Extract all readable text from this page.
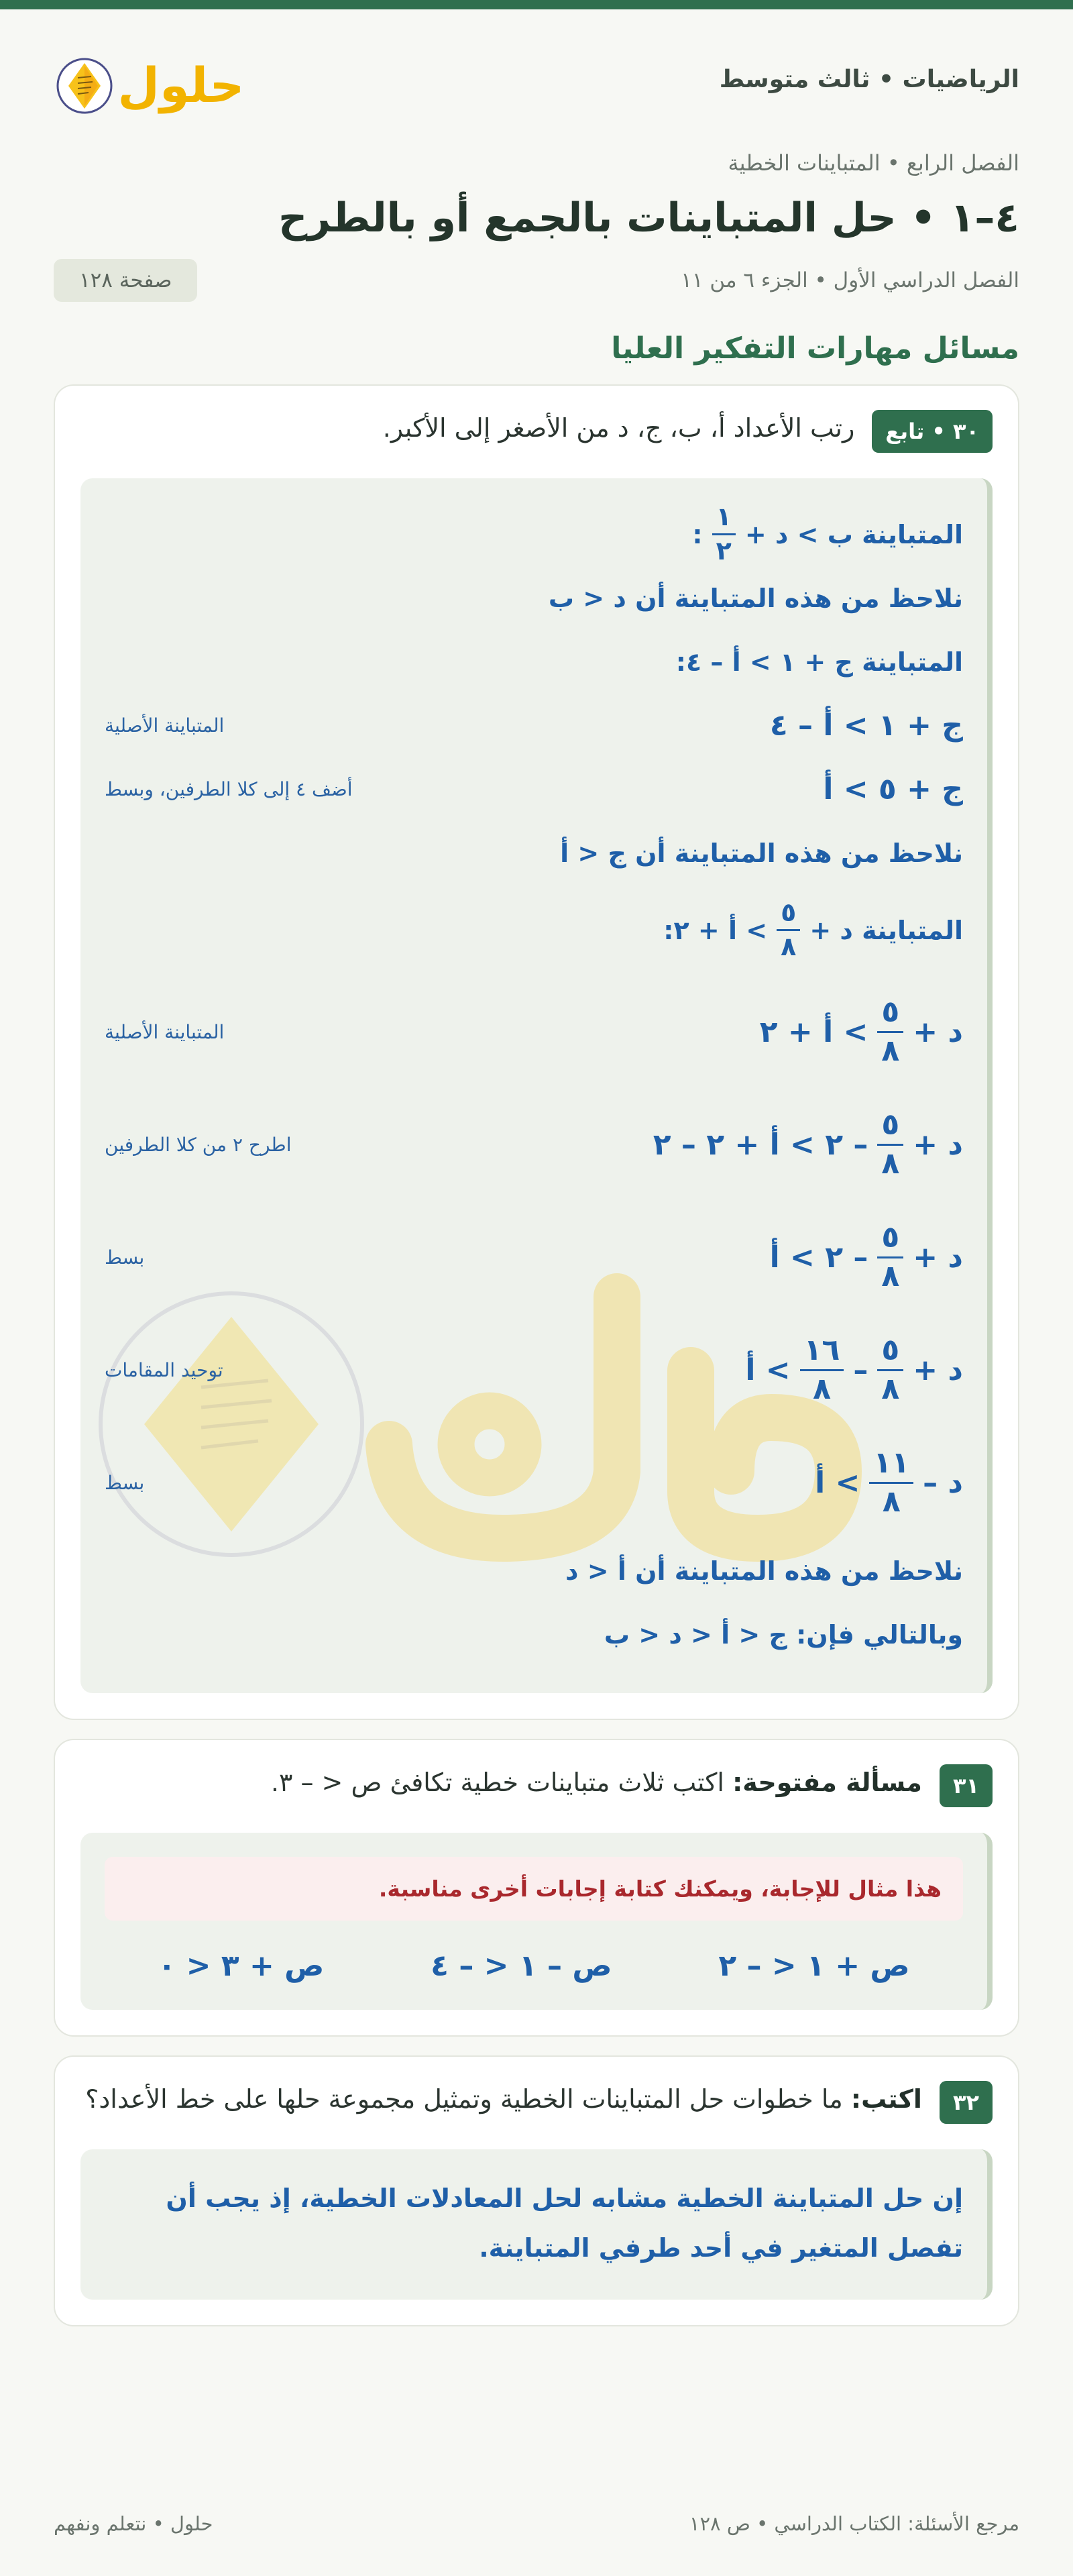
الرياضيات • ثالث متوسط
حلول
الفصل الرابع • المتباينات الخطية
٤–١ • حل المتباينات بالجمع أو بالطرح
الفصل الدراسي الأول • الجزء ٦ من ١١
صفحة ١٢٨
مسائل مهارات التفكير العليا
٣٠ • تابع
رتب الأعداد أ، ب، ج، د من الأصغر إلى الأكبر.
المتباينة ب > د +
$\frac{١}{٢}$
:
نلاحظ من هذه المتباينة أن د < ب
المتباينة ج + ١ > أ – ٤:
ج + ١ > أ – ٤
المتباينة الأصلية
ج + ٥ > أ
أضف ٤ إلى كلا الطرفين، وبسط
نلاحظ من هذه المتباينة أن ج < أ
المتباينة د +
$\frac{٥}{٨}$
> أ + ٢:
د +
$\frac{٥}{٨}$
> أ + ٢
المتباينة الأصلية
د +
$\frac{٥}{٨}$
– ٢ > أ + ٢ – ٢
اطرح ٢ من كلا الطرفين
د +
$\frac{٥}{٨}$
– ٢ > أ
بسط
د +
$\frac{٥}{٨}$
–
$\frac{١٦}{٨}$
> أ
توحيد المقامات
د –
$\frac{١١}{٨}$
> أ
بسط
نلاحظ من هذه المتباينة أن أ < د
وبالتالي فإن: ج < أ < د < ب
٣١
مسألة مفتوحة: اكتب ثلاث متباينات خطية تكافئ ص < – ٣.
هذا مثال للإجابة، ويمكنك كتابة إجابات أخرى مناسبة.
ص + ١ < – ٢
ص – ١ < – ٤
ص + ٣ < ٠
٣٢
اكتب: ما خطوات حل المتباينات الخطية وتمثيل مجموعة حلها على خط الأعداد؟
إن حل المتباينة الخطية مشابه لحل المعادلات الخطية، إذ يجب أن تفصل المتغير في أحد طرفي المتباينة.
مرجع الأسئلة: الكتاب الدراسي • ص ١٢٨
حلول • نتعلم ونفهم
